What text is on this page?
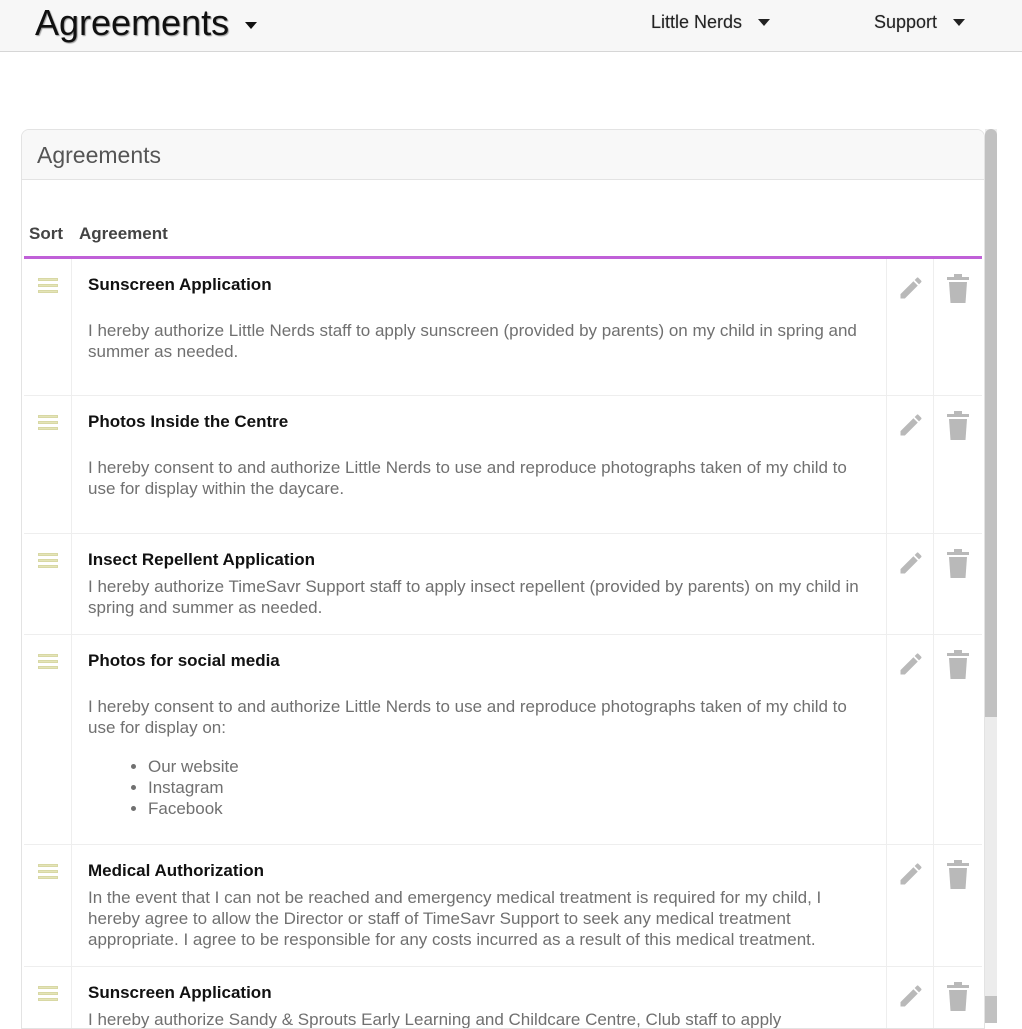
Agreements	Little Nerds	Support
Agreements
Sort Agreement
Sunscreen Application
I hereby authorize Little Nerds staff to apply sunscreen (provided by parents) on my child in spring and summer as needed.
Photos Inside the Centre
I hereby consent to and authorize Little Nerds to use and reproduce photographs taken of my child to use for display within the daycare.
Insect Repellent Application
I hereby authorize TimeSavr Support staff to apply insect repellent (provided by parents) on my child in spring and summer as needed.
Photos for social media
I hereby consent to and authorize Little Nerds to use and reproduce photographs taken of my child to use for display on:
• Our website
• Instagram
• Facebook
Medical Authorization
In the event that I can not be reached and emergency medical treatment is required for my child, I hereby agree to allow the Director or staff of TimeSavr Support to seek any medical treatment appropriate. I agree to be responsible for any costs incurred as a result of this medical treatment.
Sunscreen Application
I hereby authorize Sandy & Sprouts Early Learning and Childcare Centre, Club staff to apply
